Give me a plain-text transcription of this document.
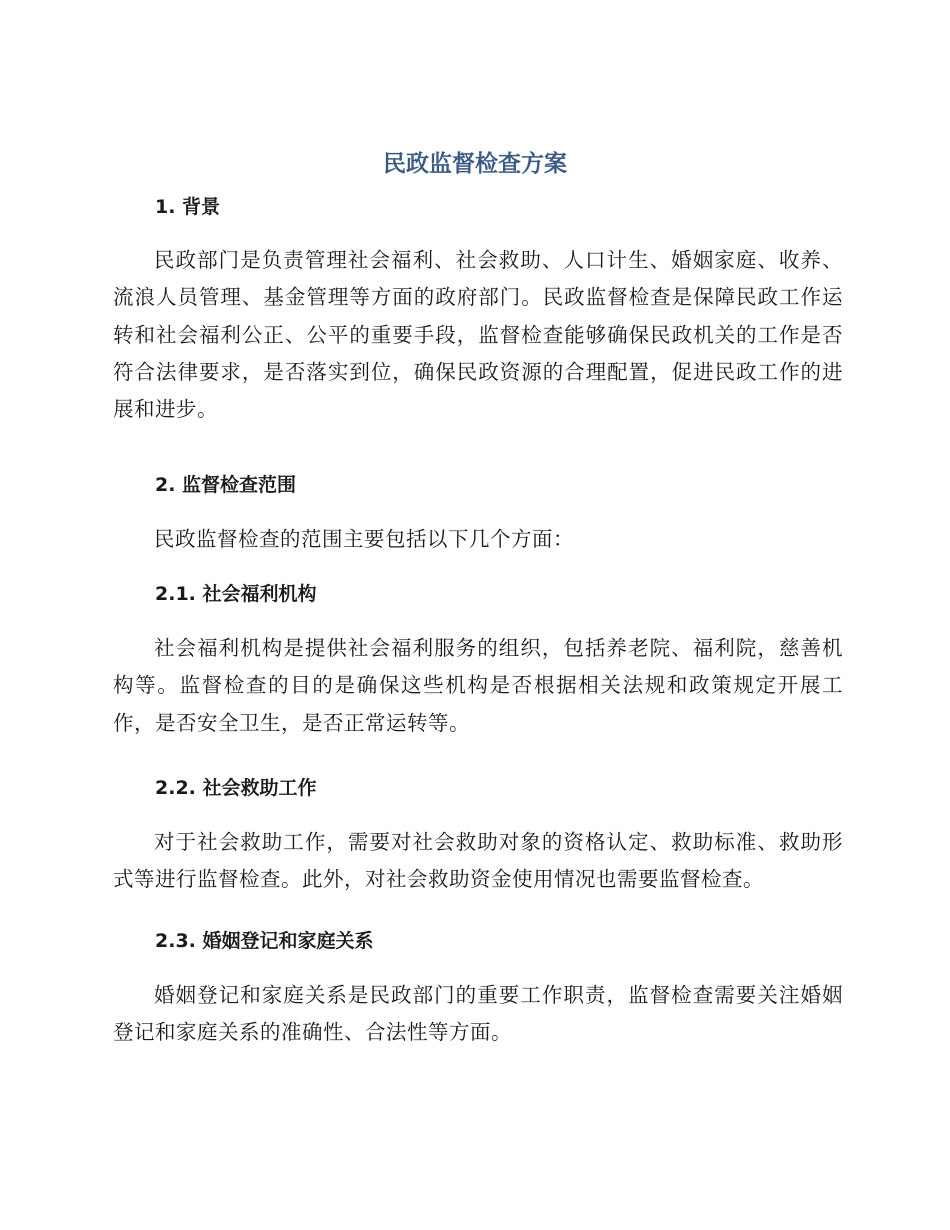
民政监督检查方案
1. 背景

民政部门是负责管理社会福利、社会救助、人口计生、婚姻家庭、收养、流浪人员管理、基金管理等方面的政府部门。民政监督检查是保障民政工作运转和社会福利公正、公平的重要手段，监督检查能够确保民政机关的工作是否符合法律要求，是否落实到位，确保民政资源的合理配置，促进民政工作的进展和进步。

2. 监督检查范围

民政监督检查的范围主要包括以下几个方面：

2.1. 社会福利机构

社会福利机构是提供社会福利服务的组织，包括养老院、福利院，慈善机构等。监督检查的目的是确保这些机构是否根据相关法规和政策规定开展工作，是否安全卫生，是否正常运转等。

2.2. 社会救助工作

对于社会救助工作，需要对社会救助对象的资格认定、救助标准、救助形式等进行监督检查。此外，对社会救助资金使用情况也需要监督检查。

2.3. 婚姻登记和家庭关系

婚姻登记和家庭关系是民政部门的重要工作职责，监督检查需要关注婚姻登记和家庭关系的准确性、合法性等方面。
